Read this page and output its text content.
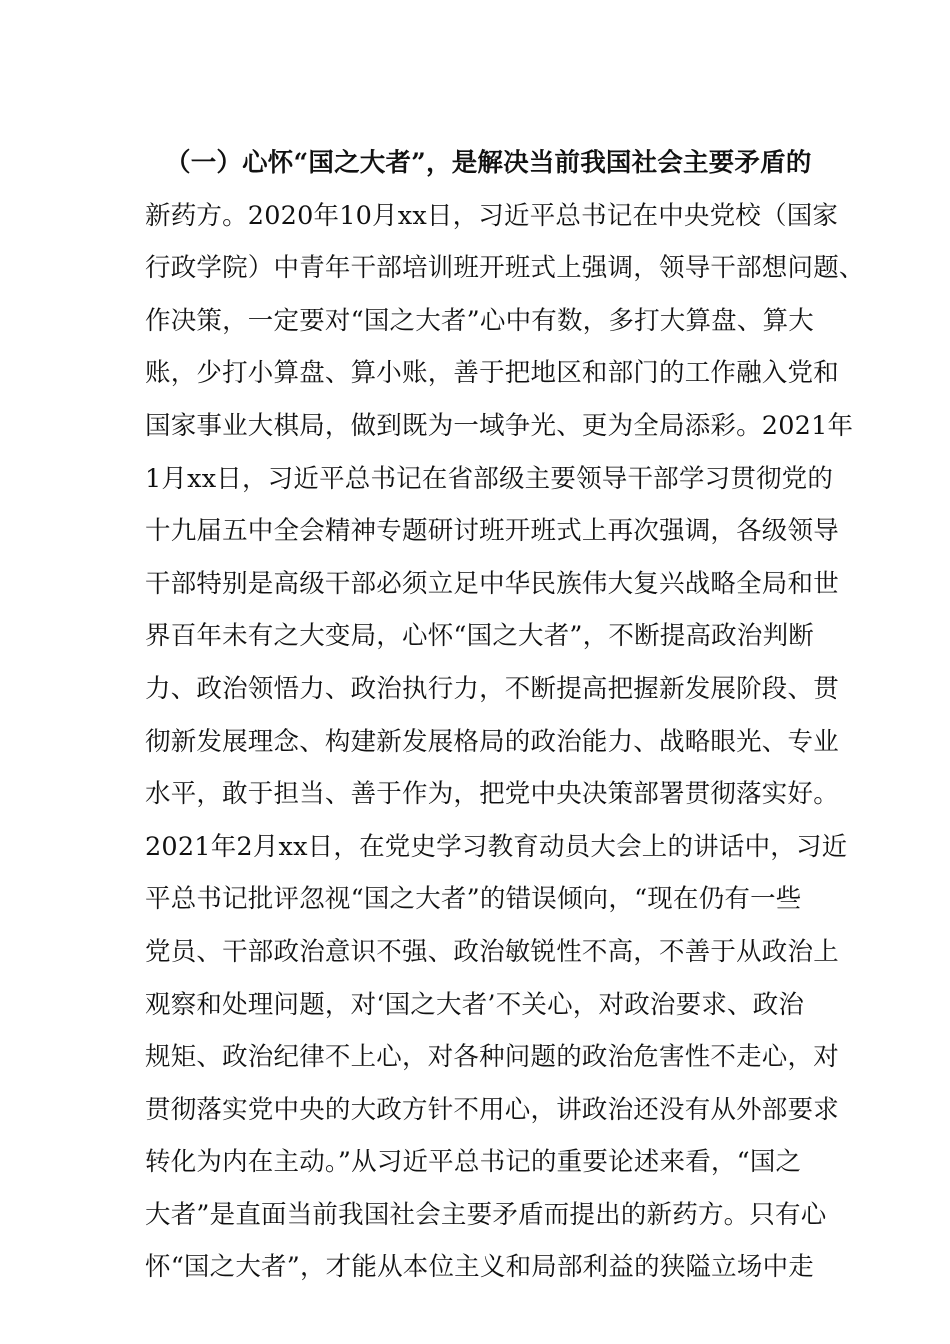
（一）心怀“国之大者”，是解决当前我国社会主要矛盾的
新药方。2020年10月xx日，习近平总书记在中央党校（国家
行政学院）中青年干部培训班开班式上强调，领导干部想问题、
作决策，一定要对“国之大者”心中有数，多打大算盘、算大
账，少打小算盘、算小账，善于把地区和部门的工作融入党和
国家事业大棋局，做到既为一域争光、更为全局添彩。2021年
1月xx日，习近平总书记在省部级主要领导干部学习贯彻党的
十九届五中全会精神专题研讨班开班式上再次强调，各级领导
干部特别是高级干部必须立足中华民族伟大复兴战略全局和世
界百年未有之大变局，心怀“国之大者”，不断提高政治判断
力、政治领悟力、政治执行力，不断提高把握新发展阶段、贯
彻新发展理念、构建新发展格局的政治能力、战略眼光、专业
水平，敢于担当、善于作为，把党中央决策部署贯彻落实好。
2021年2月xx日，在党史学习教育动员大会上的讲话中，习近
平总书记批评忽视“国之大者”的错误倾向，“现在仍有一些
党员、干部政治意识不强、政治敏锐性不高，不善于从政治上
观察和处理问题，对‘国之大者’不关心，对政治要求、政治
规矩、政治纪律不上心，对各种问题的政治危害性不走心，对
贯彻落实党中央的大政方针不用心，讲政治还没有从外部要求
转化为内在主动。”从习近平总书记的重要论述来看，“国之
大者”是直面当前我国社会主要矛盾而提出的新药方。只有心
怀“国之大者”，才能从本位主义和局部利益的狭隘立场中走
